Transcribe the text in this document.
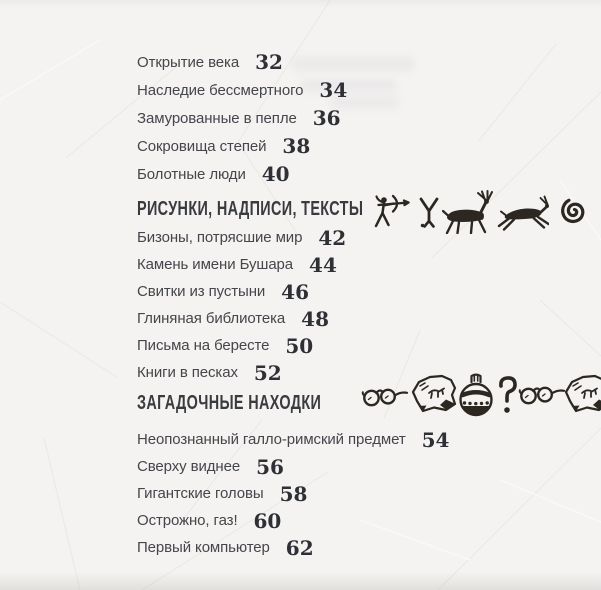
Открытие века 32
Наследие бессмертного 34
Замурованные в пепле 36
Сокровища степей 38
Болотные люди 40
РИСУНКИ, НАДПИСИ, ТЕКСТЫ
Бизоны, потрясшие мир 42
Камень имени Бушара 44
Свитки из пустыни 46
Глиняная библиотека 48
Письма на бересте 50
Книги в песках 52
ЗАГАДОЧНЫЕ НАХОДКИ
Неопознанный галло-римский предмет 54
Сверху виднее 56
Гигантские головы 58
Острожно, газ! 60
Первый компьютер 62
